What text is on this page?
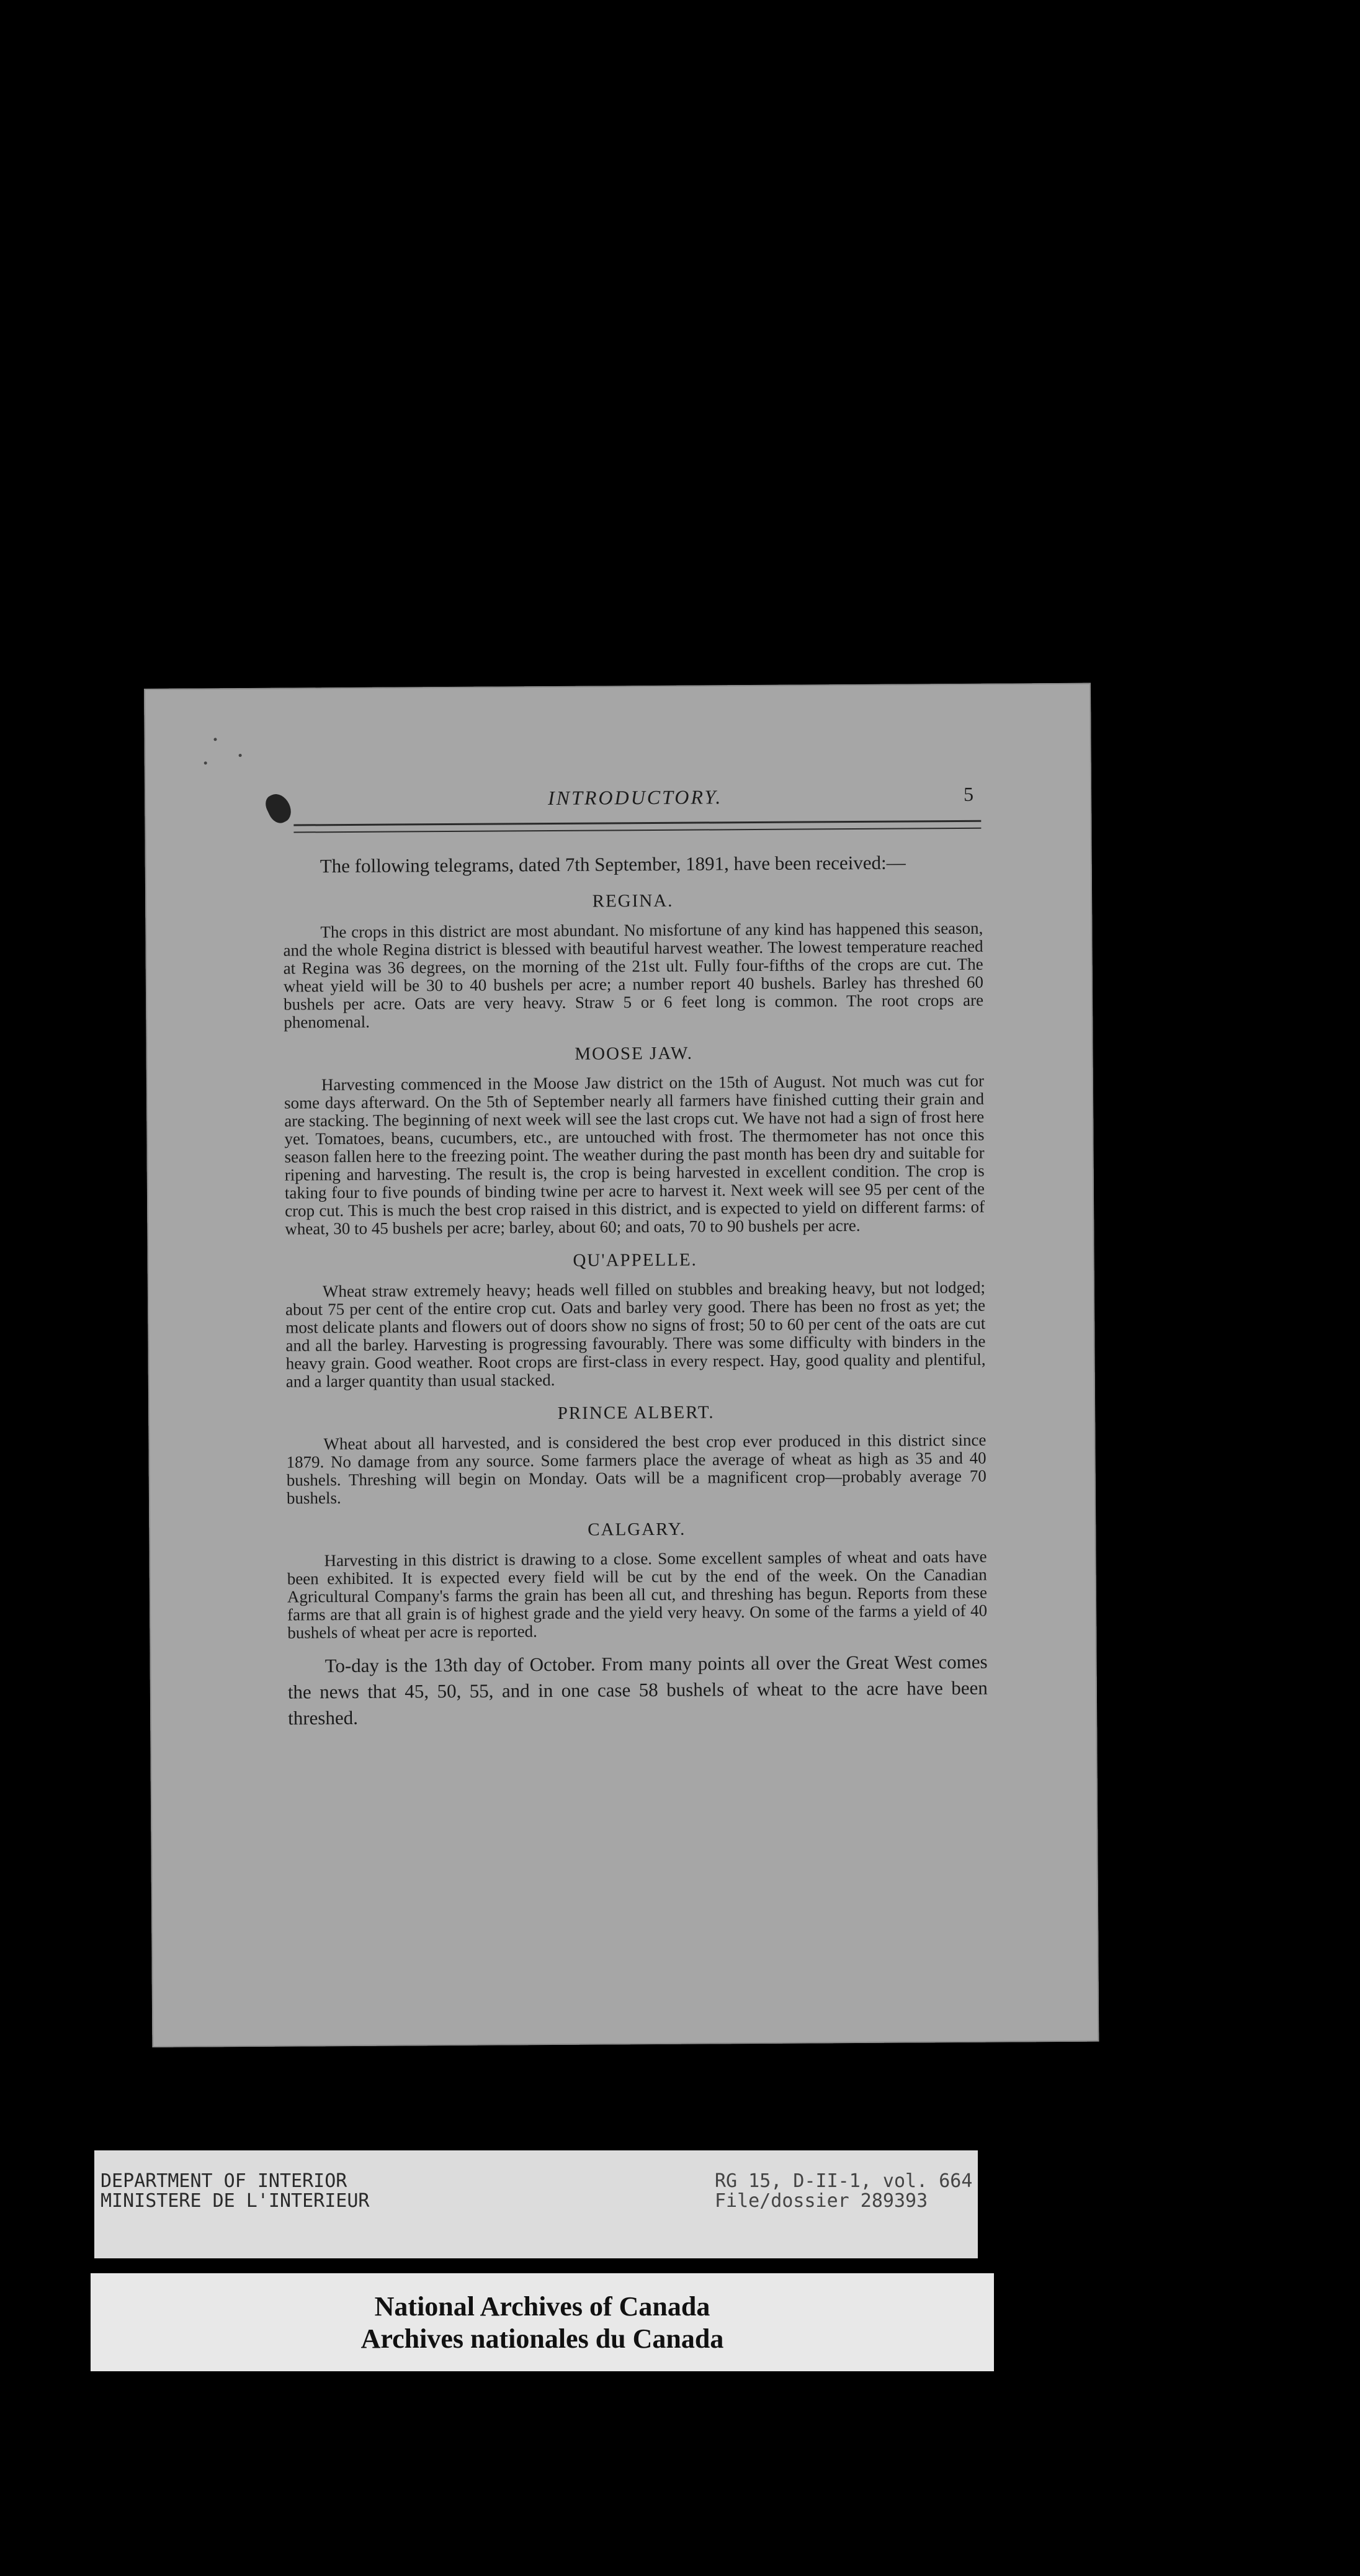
INTRODUCTORY.	5

The following telegrams, dated 7th September, 1891, have been received:—

REGINA.

The crops in this district are most abundant. No misfortune of any kind has happened this season, and the whole Regina district is blessed with beautiful harvest weather. The lowest temperature reached at Regina was 36 degrees, on the morning of the 21st ult. Fully four-fifths of the crops are cut. The wheat yield will be 30 to 40 bushels per acre; a number report 40 bushels. Barley has threshed 60 bushels per acre. Oats are very heavy. Straw 5 or 6 feet long is common. The root crops are phenomenal.

MOOSE JAW.

Harvesting commenced in the Moose Jaw district on the 15th of August. Not much was cut for some days afterward. On the 5th of September nearly all farmers have finished cutting their grain and are stacking. The beginning of next week will see the last crops cut. We have not had a sign of frost here yet. Tomatoes, beans, cucumbers, etc., are untouched with frost. The thermometer has not once this season fallen here to the freezing point. The weather during the past month has been dry and suitable for ripening and harvesting. The result is, the crop is being harvested in excellent condition. The crop is taking four to five pounds of binding twine per acre to harvest it. Next week will see 95 per cent of the crop cut. This is much the best crop raised in this district, and is expected to yield on different farms: of wheat, 30 to 45 bushels per acre; barley, about 60; and oats, 70 to 90 bushels per acre.

QU'APPELLE.

Wheat straw extremely heavy; heads well filled on stubbles and breaking heavy, but not lodged; about 75 per cent of the entire crop cut. Oats and barley very good. There has been no frost as yet; the most delicate plants and flowers out of doors show no signs of frost; 50 to 60 per cent of the oats are cut and all the barley. Harvesting is progressing favourably. There was some difficulty with binders in the heavy grain. Good weather. Root crops are first-class in every respect. Hay, good quality and plentiful, and a larger quantity than usual stacked.

PRINCE ALBERT.

Wheat about all harvested, and is considered the best crop ever produced in this district since 1879. No damage from any source. Some farmers place the average of wheat as high as 35 and 40 bushels. Threshing will begin on Monday. Oats will be a magnificent crop—probably average 70 bushels.

CALGARY.

Harvesting in this district is drawing to a close. Some excellent samples of wheat and oats have been exhibited. It is expected every field will be cut by the end of the week. On the Canadian Agricultural Company's farms the grain has been all cut, and threshing has begun. Reports from these farms are that all grain is of highest grade and the yield very heavy. On some of the farms a yield of 40 bushels of wheat per acre is reported.

To-day is the 13th day of October. From many points all over the Great West comes the news that 45, 50, 55, and in one case 58 bushels of wheat to the acre have been threshed.

DEPARTMENT OF INTERIOR
MINISTERE DE L'INTERIEUR
RG 15, D-II-1, vol. 664
File/dossier 289393
National Archives of Canada
Archives nationales du Canada
